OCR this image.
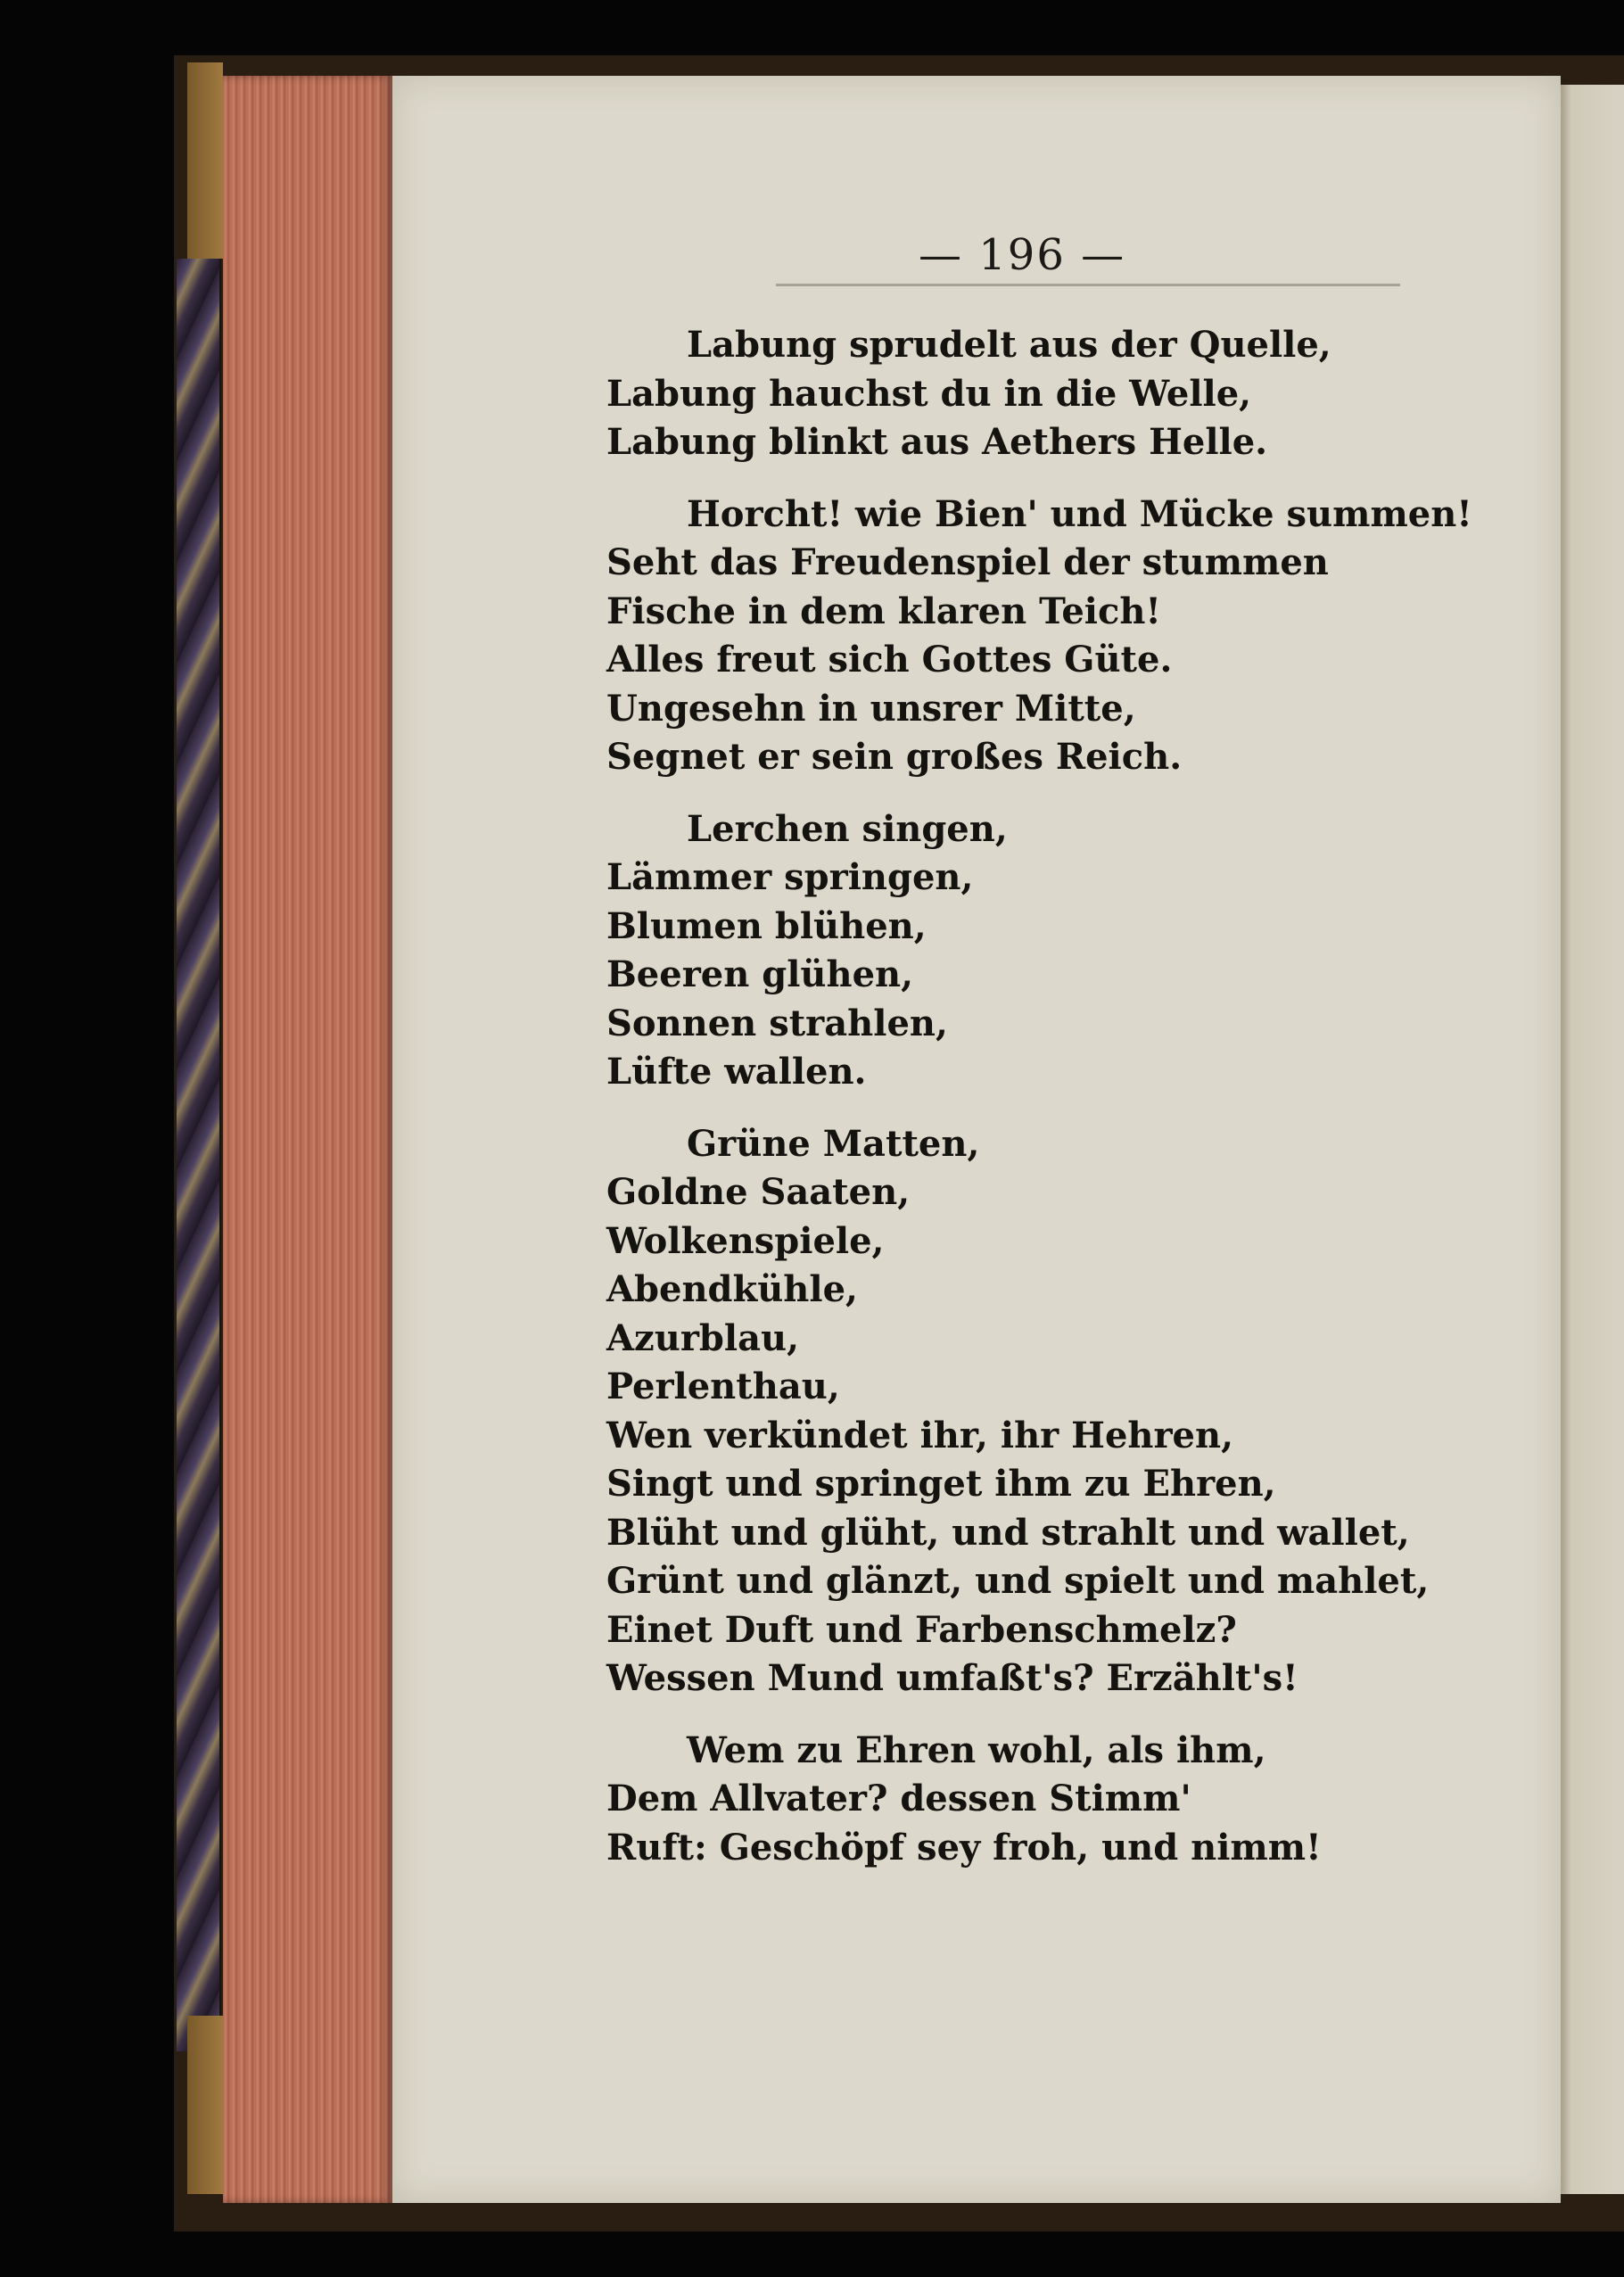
— 196 —
Labung sprudelt aus der Quelle,
Labung hauchst du in die Welle,
Labung blinkt aus Aethers Helle.
Horcht! wie Bien' und Mücke summen!
Seht das Freudenspiel der stummen
Fische in dem klaren Teich!
Alles freut sich Gottes Güte.
Ungesehn in unsrer Mitte,
Segnet er sein großes Reich.
Lerchen singen,
Lämmer springen,
Blumen blühen,
Beeren glühen,
Sonnen strahlen,
Lüfte wallen.
Grüne Matten,
Goldne Saaten,
Wolkenspiele,
Abendkühle,
Azurblau,
Perlenthau,
Wen verkündet ihr, ihr Hehren,
Singt und springet ihm zu Ehren,
Blüht und glüht, und strahlt und wallet,
Grünt und glänzt, und spielt und mahlet,
Einet Duft und Farbenschmelz?
Wessen Mund umfaßt's? Erzählt's!
Wem zu Ehren wohl, als ihm,
Dem Allvater? dessen Stimm'
Ruft: Geschöpf sey froh, und nimm!
